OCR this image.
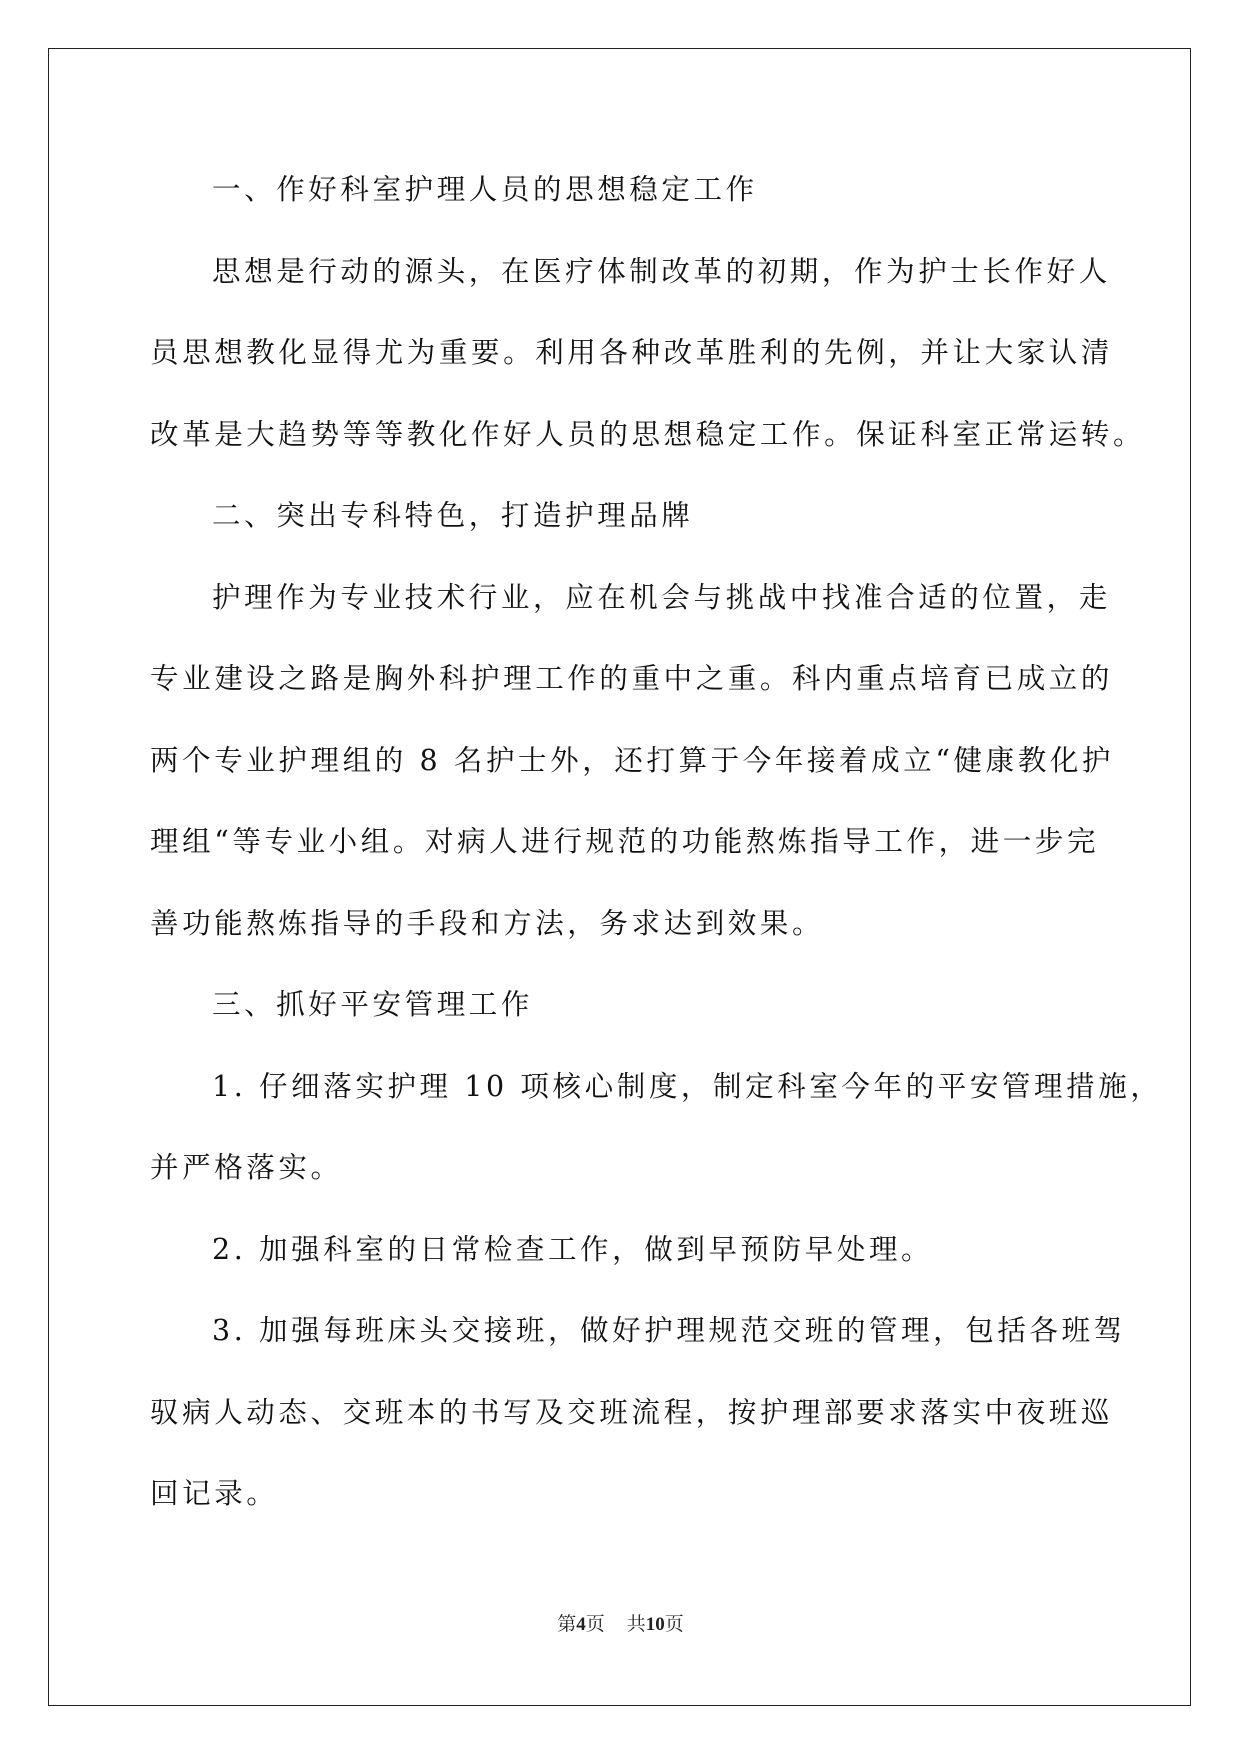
一、作好科室护理人员的思想稳定工作
思想是行动的源头，在医疗体制改革的初期，作为护士长作好人
员思想教化显得尤为重要。利用各种改革胜利的先例，并让大家认清
改革是大趋势等等教化作好人员的思想稳定工作。保证科室正常运转。
二、突出专科特色，打造护理品牌
护理作为专业技术行业，应在机会与挑战中找准合适的位置，走
专业建设之路是胸外科护理工作的重中之重。科内重点培育已成立的
两个专业护理组的 8 名护士外，还打算于今年接着成立“健康教化护
理组“等专业小组。对病人进行规范的功能熬炼指导工作，进一步完
善功能熬炼指导的手段和方法，务求达到效果。
三、抓好平安管理工作
1. 仔细落实护理 10 项核心制度，制定科室今年的平安管理措施，
并严格落实。
2. 加强科室的日常检查工作，做到早预防早处理。
3. 加强每班床头交接班，做好护理规范交班的管理，包括各班驾
驭病人动态、交班本的书写及交班流程，按护理部要求落实中夜班巡
回记录。
第4页 共10页
